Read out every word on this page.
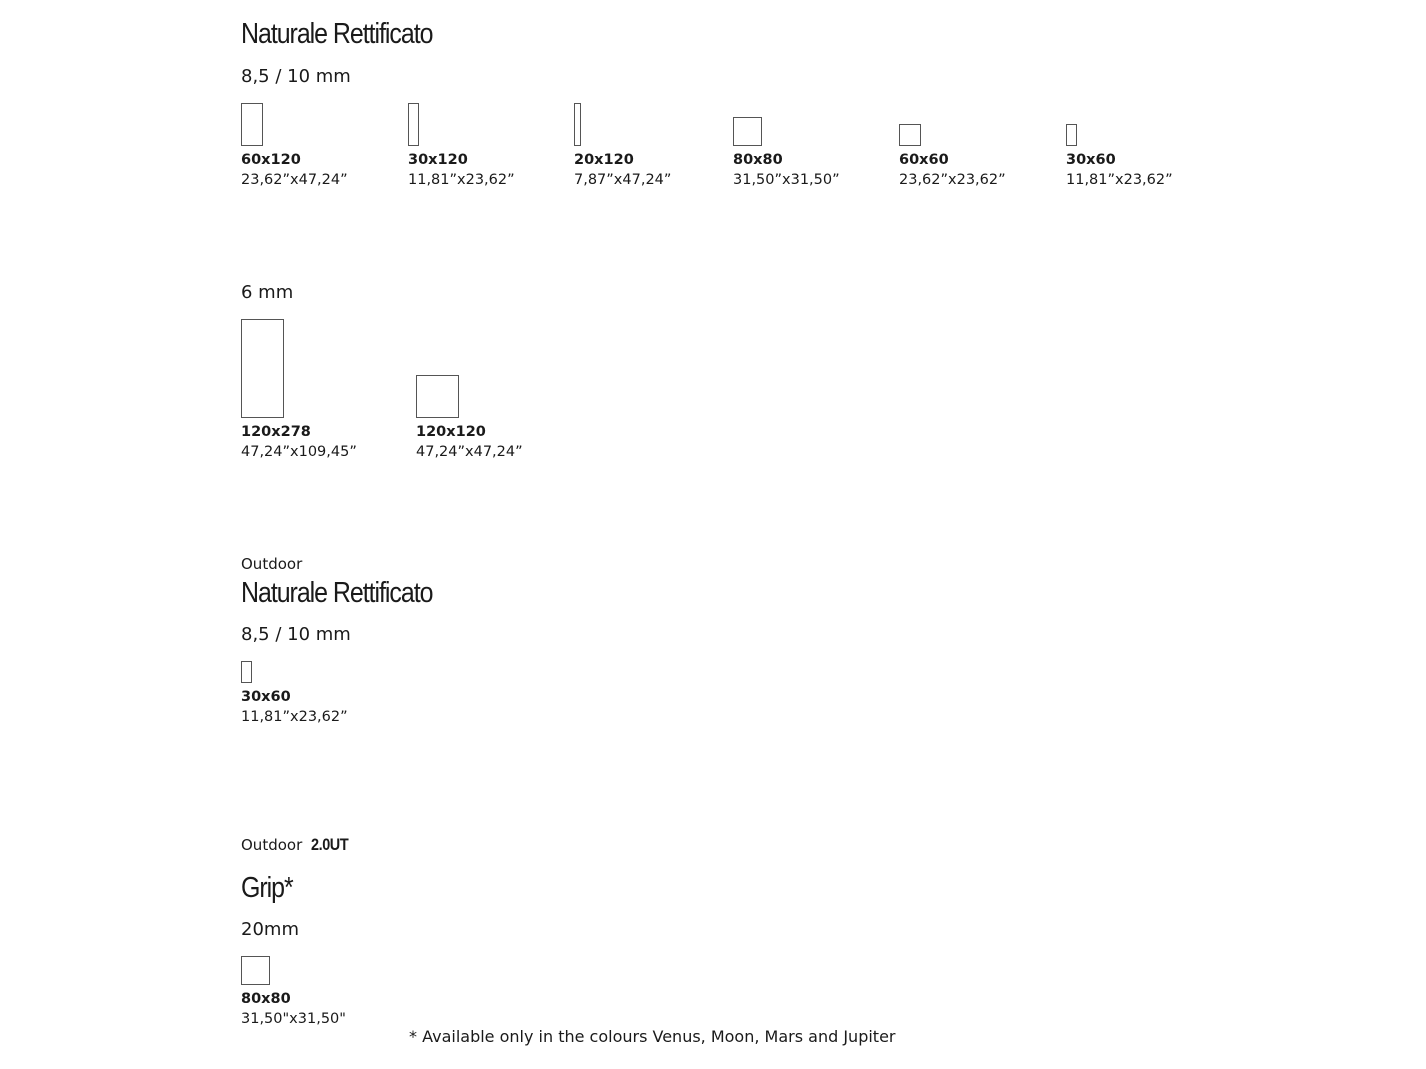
Naturale Rettificato
8,5 / 10 mm
60x120
23,62”x47,24”
30x120
11,81”x23,62”
20x120
7,87”x47,24”
80x80
31,50”x31,50”
60x60
23,62”x23,62”
30x60
11,81”x23,62”
6 mm
120x278
47,24”x109,45”
120x120
47,24”x47,24”
Outdoor
Naturale Rettificato
8,5 / 10 mm
30x60
11,81”x23,62”
Outdoor 2.0UT
Grip*
20mm
80x80
31,50"x31,50"
* Available only in the colours Venus, Moon, Mars and Jupiter
